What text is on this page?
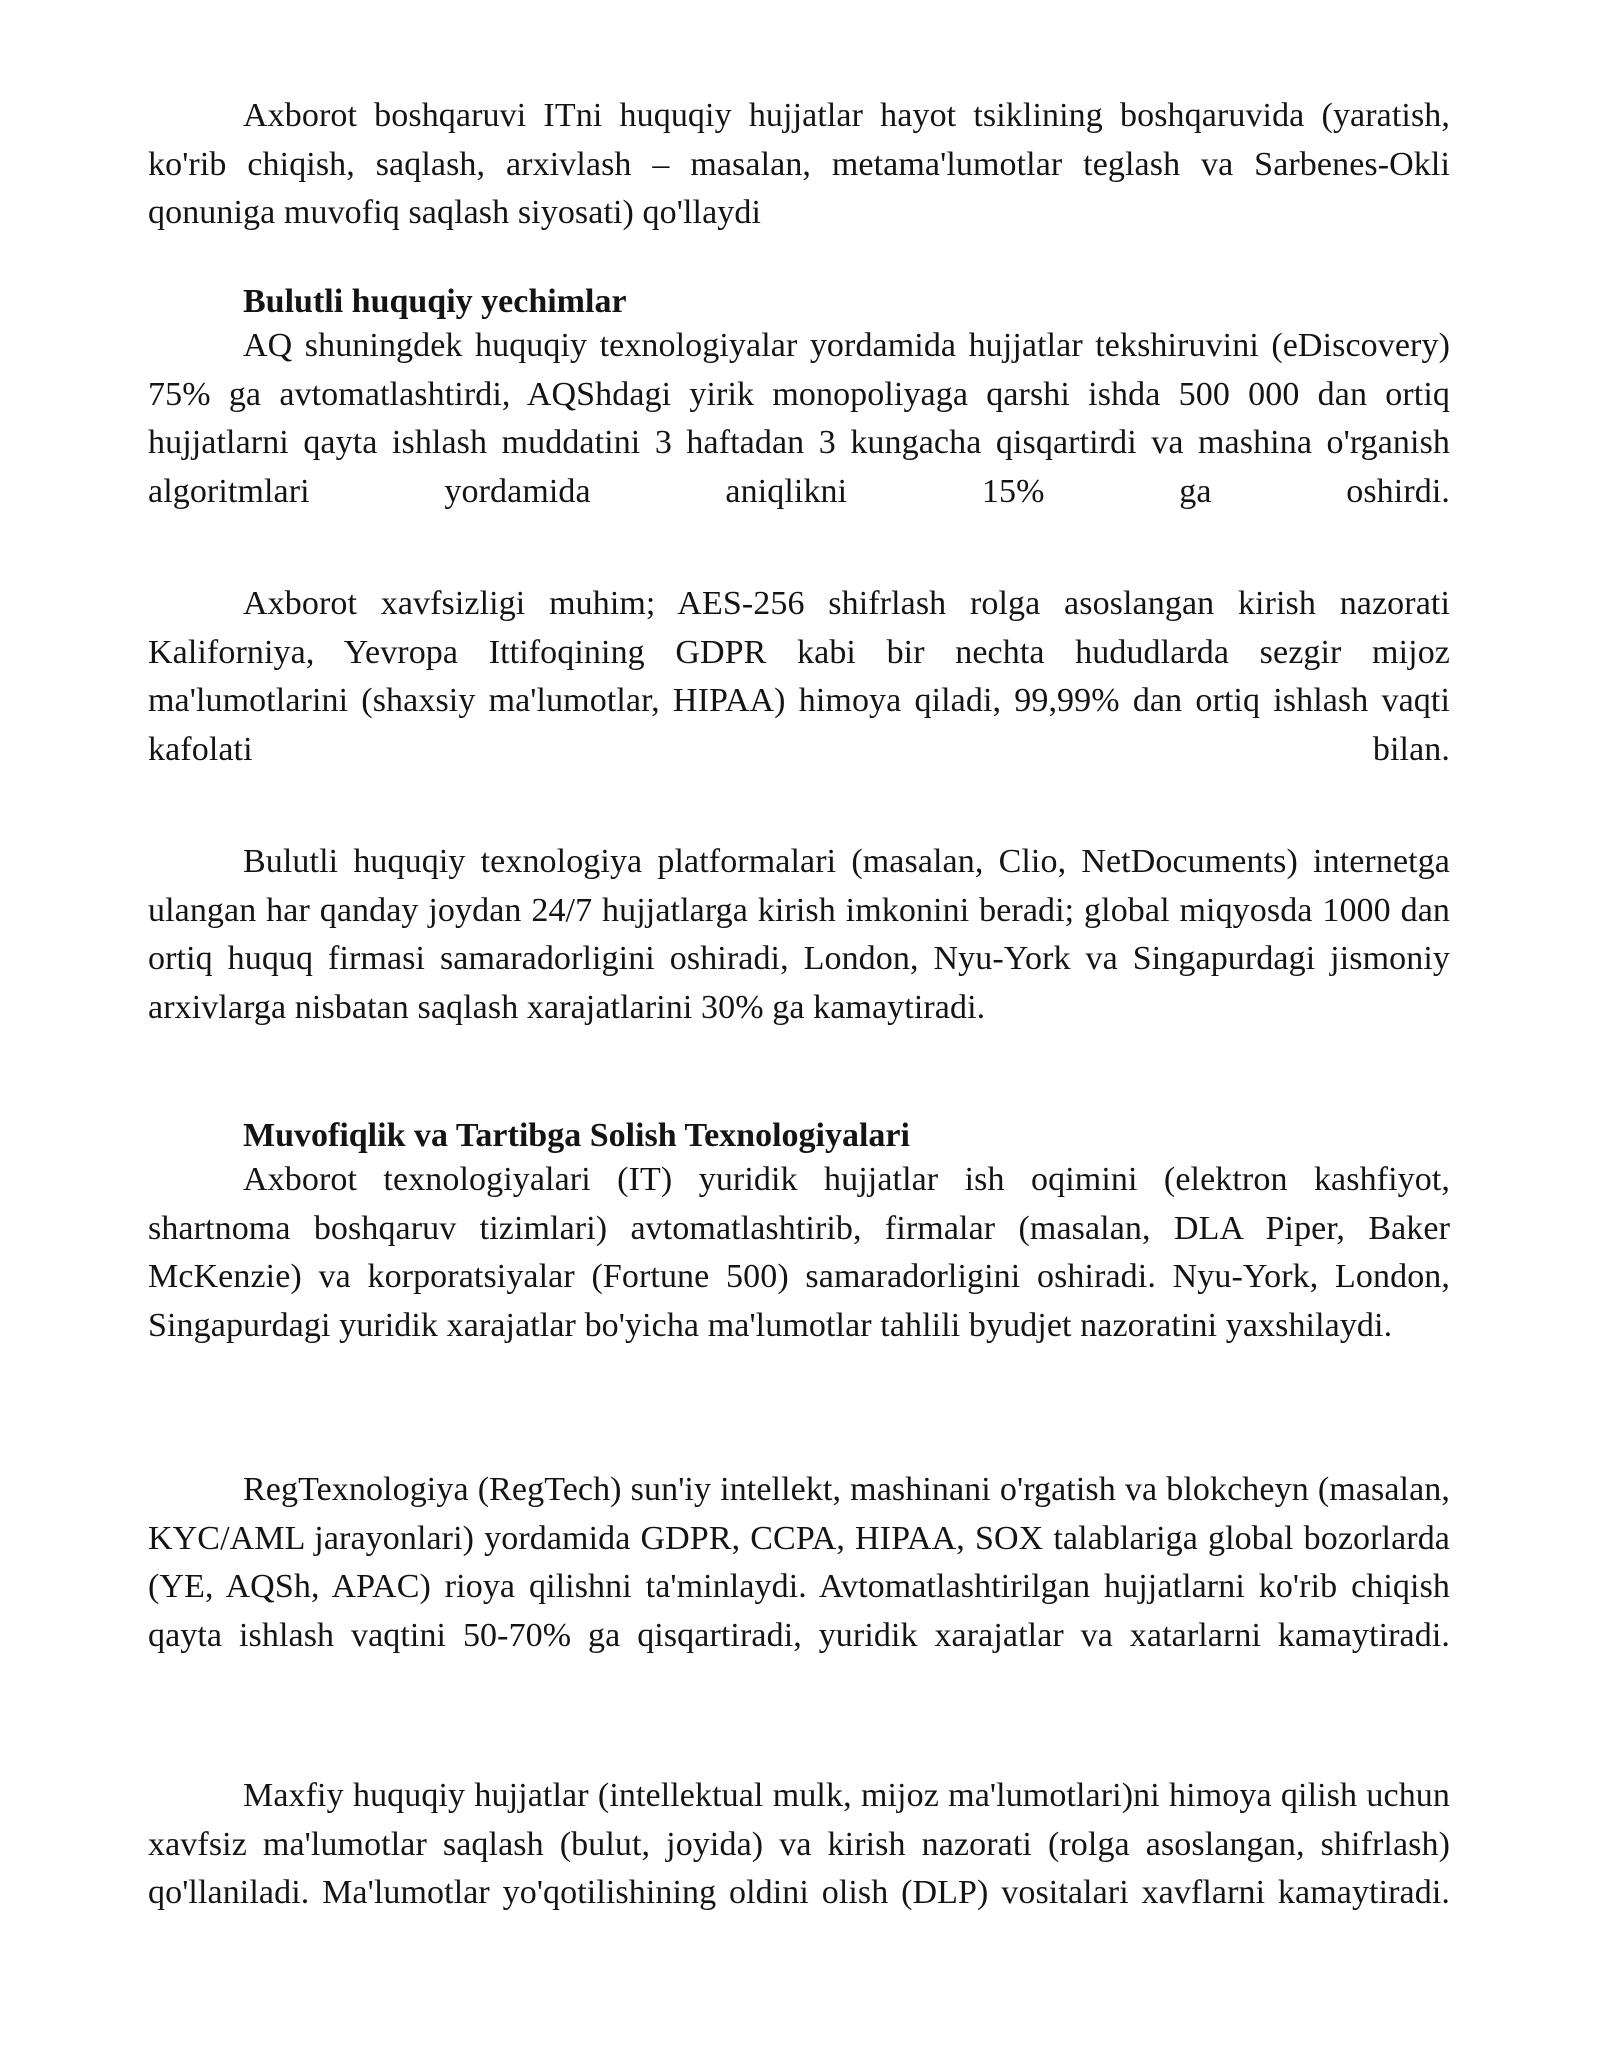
Axborot boshqaruvi ITni huquqiy hujjatlar hayot tsiklining boshqaruvida (yaratish, ko'rib chiqish, saqlash, arxivlash – masalan, metama'lumotlar teglash va Sarbenes-Okli qonuniga muvofiq saqlash siyosati) qo'llaydi

Bulutli huquqiy yechimlar

AQ shuningdek huquqiy texnologiyalar yordamida hujjatlar tekshiruvini (eDiscovery) 75% ga avtomatlashtirdi, AQShdagi yirik monopoliyaga qarshi ishda 500 000 dan ortiq hujjatlarni qayta ishlash muddatini 3 haftadan 3 kungacha qisqartirdi va mashina o'rganish algoritmlari yordamida aniqlikni 15% ga oshirdi.

Axborot xavfsizligi muhim; AES-256 shifrlash rolga asoslangan kirish nazorati Kaliforniya, Yevropa Ittifoqining GDPR kabi bir nechta hududlarda sezgir mijoz ma'lumotlarini (shaxsiy ma'lumotlar, HIPAA) himoya qiladi, 99,99% dan ortiq ishlash vaqti kafolati bilan.

Bulutli huquqiy texnologiya platformalari (masalan, Clio, NetDocuments) internetga ulangan har qanday joydan 24/7 hujjatlarga kirish imkonini beradi; global miqyosda 1000 dan ortiq huquq firmasi samaradorligini oshiradi, London, Nyu-York va Singapurdagi jismoniy arxivlarga nisbatan saqlash xarajatlarini 30% ga kamaytiradi.

Muvofiqlik va Tartibga Solish Texnologiyalari

Axborot texnologiyalari (IT) yuridik hujjatlar ish oqimini (elektron kashfiyot, shartnoma boshqaruv tizimlari) avtomatlashtirib, firmalar (masalan, DLA Piper, Baker McKenzie) va korporatsiyalar (Fortune 500) samaradorligini oshiradi. Nyu-York, London, Singapurdagi yuridik xarajatlar bo'yicha ma'lumotlar tahlili byudjet nazoratini yaxshilaydi.

RegTexnologiya (RegTech) sun'iy intellekt, mashinani o'rgatish va blokcheyn (masalan, KYC/AML jarayonlari) yordamida GDPR, CCPA, HIPAA, SOX talablariga global bozorlarda (YE, AQSh, APAC) rioya qilishni ta'minlaydi. Avtomatlashtirilgan hujjatlarni ko'rib chiqish qayta ishlash vaqtini 50-70% ga qisqartiradi, yuridik xarajatlar va xatarlarni kamaytiradi.

Maxfiy huquqiy hujjatlar (intellektual mulk, mijoz ma'lumotlari)ni himoya qilish uchun xavfsiz ma'lumotlar saqlash (bulut, joyida) va kirish nazorati (rolga asoslangan, shifrlash) qo'llaniladi. Ma'lumotlar yo'qotilishining oldini olish (DLP) vositalari xavflarni kamaytiradi.
